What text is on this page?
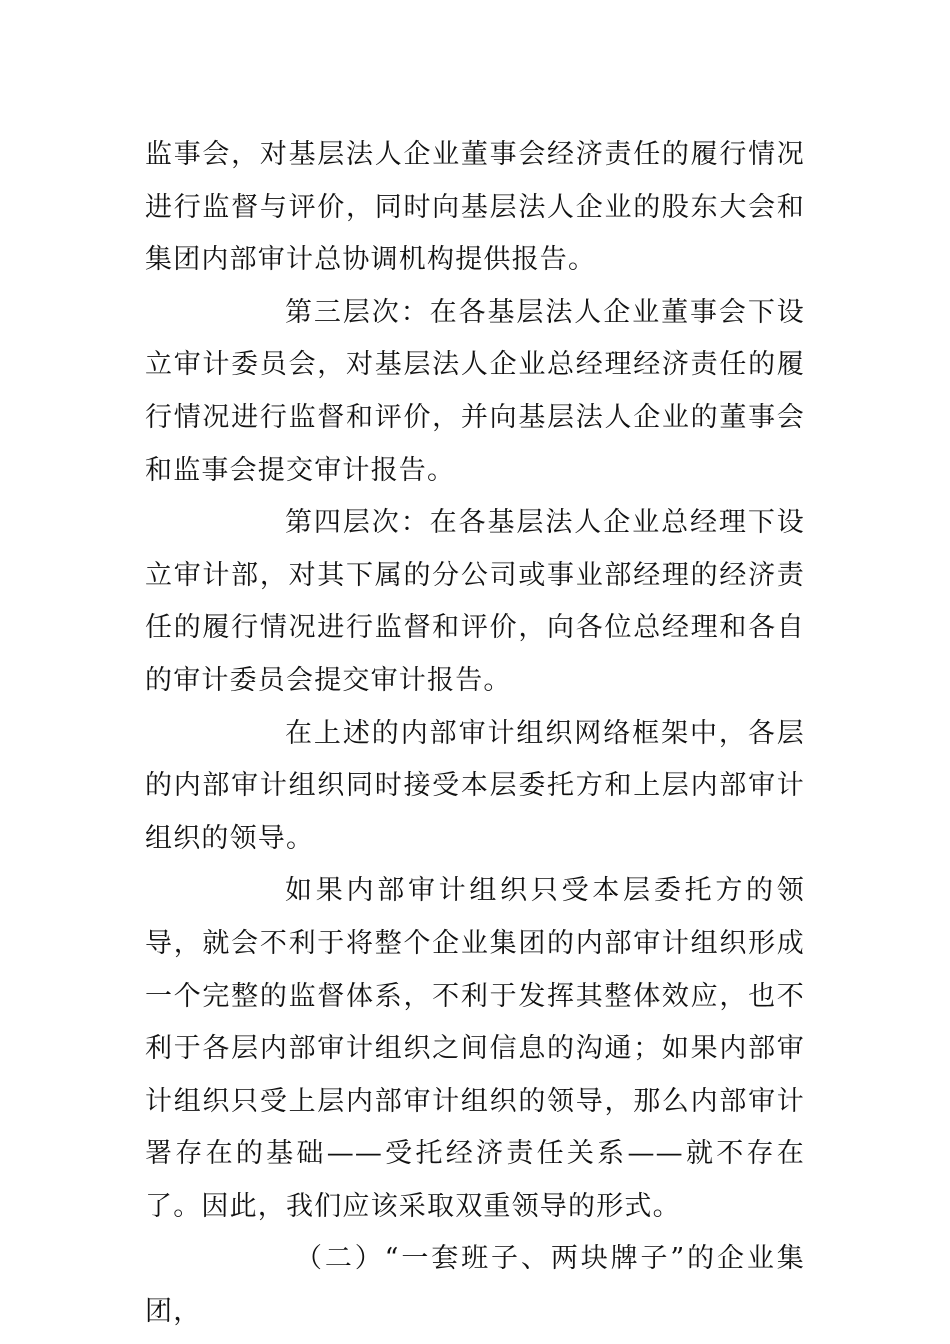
监事会，对基层法人企业董事会经济责任的履行情况进行监督与评价，同时向基层法人企业的股东大会和集团内部审计总协调机构提供报告。

第三层次：在各基层法人企业董事会下设立审计委员会，对基层法人企业总经理经济责任的履行情况进行监督和评价，并向基层法人企业的董事会和监事会提交审计报告。

第四层次：在各基层法人企业总经理下设立审计部，对其下属的分公司或事业部经理的经济责任的履行情况进行监督和评价，向各位总经理和各自的审计委员会提交审计报告。

在上述的内部审计组织网络框架中，各层的内部审计组织同时接受本层委托方和上层内部审计组织的领导。

如果内部审计组织只受本层委托方的领导，就会不利于将整个企业集团的内部审计组织形成一个完整的监督体系，不利于发挥其整体效应，也不利于各层内部审计组织之间信息的沟通；如果内部审计组织只受上层内部审计组织的领导，那么内部审计署存在的基础——受托经济责任关系——就不存在了。因此，我们应该采取双重领导的形式。

（二）“一套班子、两块牌子”的企业集团，
